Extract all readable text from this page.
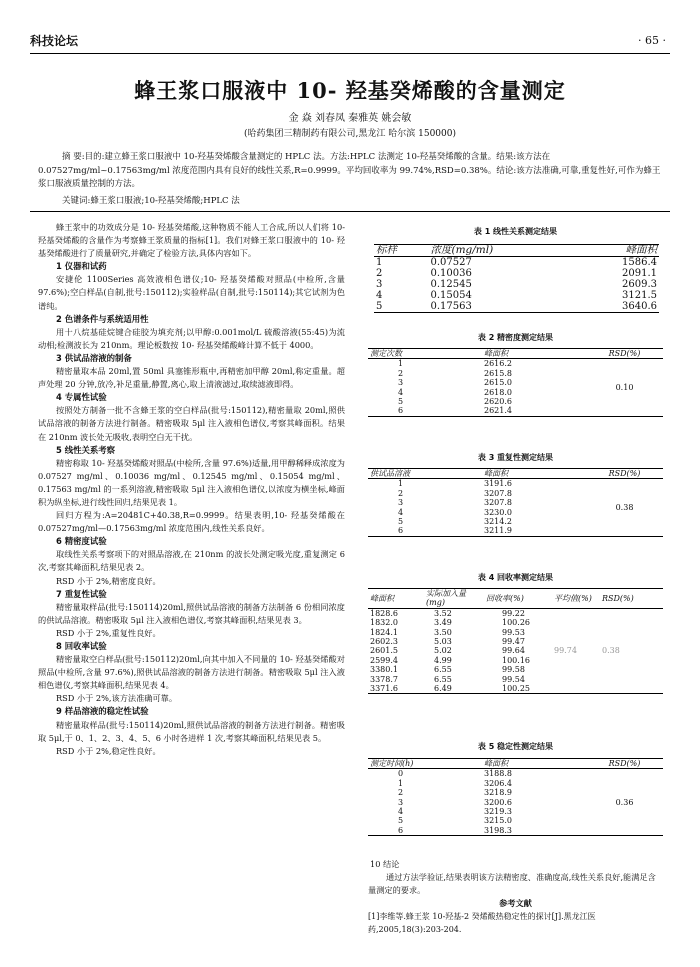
科技论坛	· 65 ·
蜂王浆口服液中 10- 羟基癸烯酸的含量测定
金 焱 刘春凤 秦雅英 姚会敏
(哈药集团三精制药有限公司,黑龙江 哈尔滨 150000)
摘 要:目的:建立蜂王浆口服液中 10-羟基癸烯酸含量测定的 HPLC 法。方法:HPLC 法测定 10-羟基癸烯酸的含量。结果:该方法在 0.07527mg/ml~0.17563mg/ml 浓度范围内具有良好的线性关系,R=0.9999。平均回收率为 99.74%,RSD=0.38%。结论:该方法准确,可靠,重复性好,可作为蜂王浆口服液质量控制的方法。
关键词:蜂王浆口服液;10-羟基癸烯酸;HPLC 法

蜂王浆中的功效成分是 10- 羟基癸烯酸,这种物质不能人工合成,所以人们将 10- 羟基癸烯酸的含量作为考察蜂王浆质量的指标[1]。我们对蜂王浆口服液中的 10- 羟基癸烯酸进行了质量研究,并确定了检验方法,具体内容如下。

1 仪器和试药

安捷伦 1100Series 高效液相色谱仪;10- 羟基癸烯酸对照品(中检所,含量 97.6%);空白样品(自制,批号:150112);实验样品(自制,批号:150114);其它试剂为色谱纯。

2 色谱条件与系统适用性

用十八烷基硅烷键合硅胶为填充剂;以甲醇:0.001mol/L 硫酸溶液(55:45)为流动相;检测波长为 210nm。理论板数按 10- 羟基癸烯酸峰计算不低于 4000。

3 供试品溶液的制备

精密量取本品 20ml,置 50ml 具塞锥形瓶中,再精密加甲醇 20ml,称定重量。超声处理 20 分钟,放冷,补足重量,静置,离心,取上清液滤过,取续滤液即得。

4 专属性试验

按照处方制备一批不含蜂王浆的空白样品(批号:150112),精密量取 20ml,照供试品溶液的制备方法进行制备。精密吸取 5μl 注入液相色谱仪,考察其峰面积。结果在 210nm 波长处无吸收,表明空白无干扰。

5 线性关系考察

精密称取 10- 羟基癸烯酸对照品(中检所,含量 97.6%)适量,用甲醇稀释成浓度为 0.07527 mg/ml、0.10036 mg/ml、0.12545 mg/ml、0.15054 mg/ml、0.17563 mg/ml 的一系列溶液,精密吸取 5μl 注入液相色谱仪,以浓度为横坐标,峰面积为纵坐标,进行线性回归,结果见表 1。

回归方程为:A=20481C+40.38,R=0.9999。结果表明,10- 羟基癸烯酸在 0.07527mg/ml—0.17563mg/ml 浓度范围内,线性关系良好。

6 精密度试验

取线性关系考察项下的对照品溶液,在 210nm 的波长处测定吸光度,重复测定 6 次,考察其峰面积,结果见表 2。

RSD 小于 2%,精密度良好。

7 重复性试验

精密量取样品(批号:150114)20ml,照供试品溶液的制备方法制备 6 份相同浓度的供试品溶液。精密吸取 5μl 注入液相色谱仪,考察其峰面积,结果见表 3。

RSD 小于 2%,重复性良好。

8 回收率试验

精密量取空白样品(批号:150112)20ml,向其中加入不同量的 10- 羟基癸烯酸对照品(中检所,含量 97.6%),照供试品溶液的制备方法进行制备。精密吸取 5μl 注入液相色谱仪,考察其峰面积,结果见表 4。

RSD 小于 2%,该方法准确可靠。

9 样品溶液的稳定性试验

精密量取样品(批号:150114)20ml,照供试品溶液的制备方法进行制备。精密吸取 5μl,于 0、1、2、3、4、5、6 小时各进样 1 次,考察其峰面积,结果见表 5。

RSD 小于 2%,稳定性良好。

表 1 线性关系测定结果
标样	浓度(mg/ml)	峰面积
1	0.07527	1586.4
2	0.10036	2091.1
3	0.12545	2609.3
4	0.15054	3121.5
5	0.17563	3640.6
表 2 精密度测定结果
测定次数	峰面积	RSD(%)
1	2616.2	0.10
2	2615.8	
3	2615.0	
4	2618.0	
5	2620.6	
6	2621.4	
表 3 重复性测定结果
供试品溶液	峰面积	RSD(%)
1	3191.6	0.38
2	3207.8	
3	3207.8	
4	3230.0	
5	3214.2	
6	3211.9	
表 4 回收率测定结果
峰面积	实际加入量(mg)	回收率(%)	平均值(%)	RSD(%)
1828.6	3.52	99.22	99.74	0.38
1832.0	3.49	100.26		
1824.1	3.50	99.53		
2602.3	5.03	99.47		
2601.5	5.02	99.64		
2599.4	4.99	100.16		
3380.1	6.55	99.58		
3378.7	6.55	99.54		
3371.6	6.49	100.25		
表 5 稳定性测定结果
测定时间(h)	峰面积	RSD(%)
0	3188.8	0.36
1	3206.4	
2	3218.9	
3	3200.6	
4	3219.3	
5	3215.0	
6	3198.3	
10 结论

通过方法学验证,结果表明该方法精密度、准确度高,线性关系良好,能满足含量测定的要求。

参考文献
[1]李维等.蜂王浆 10-羟基-2 癸烯酸热稳定性的探讨[J].黑龙江医药,2005,18(3):203-204.
